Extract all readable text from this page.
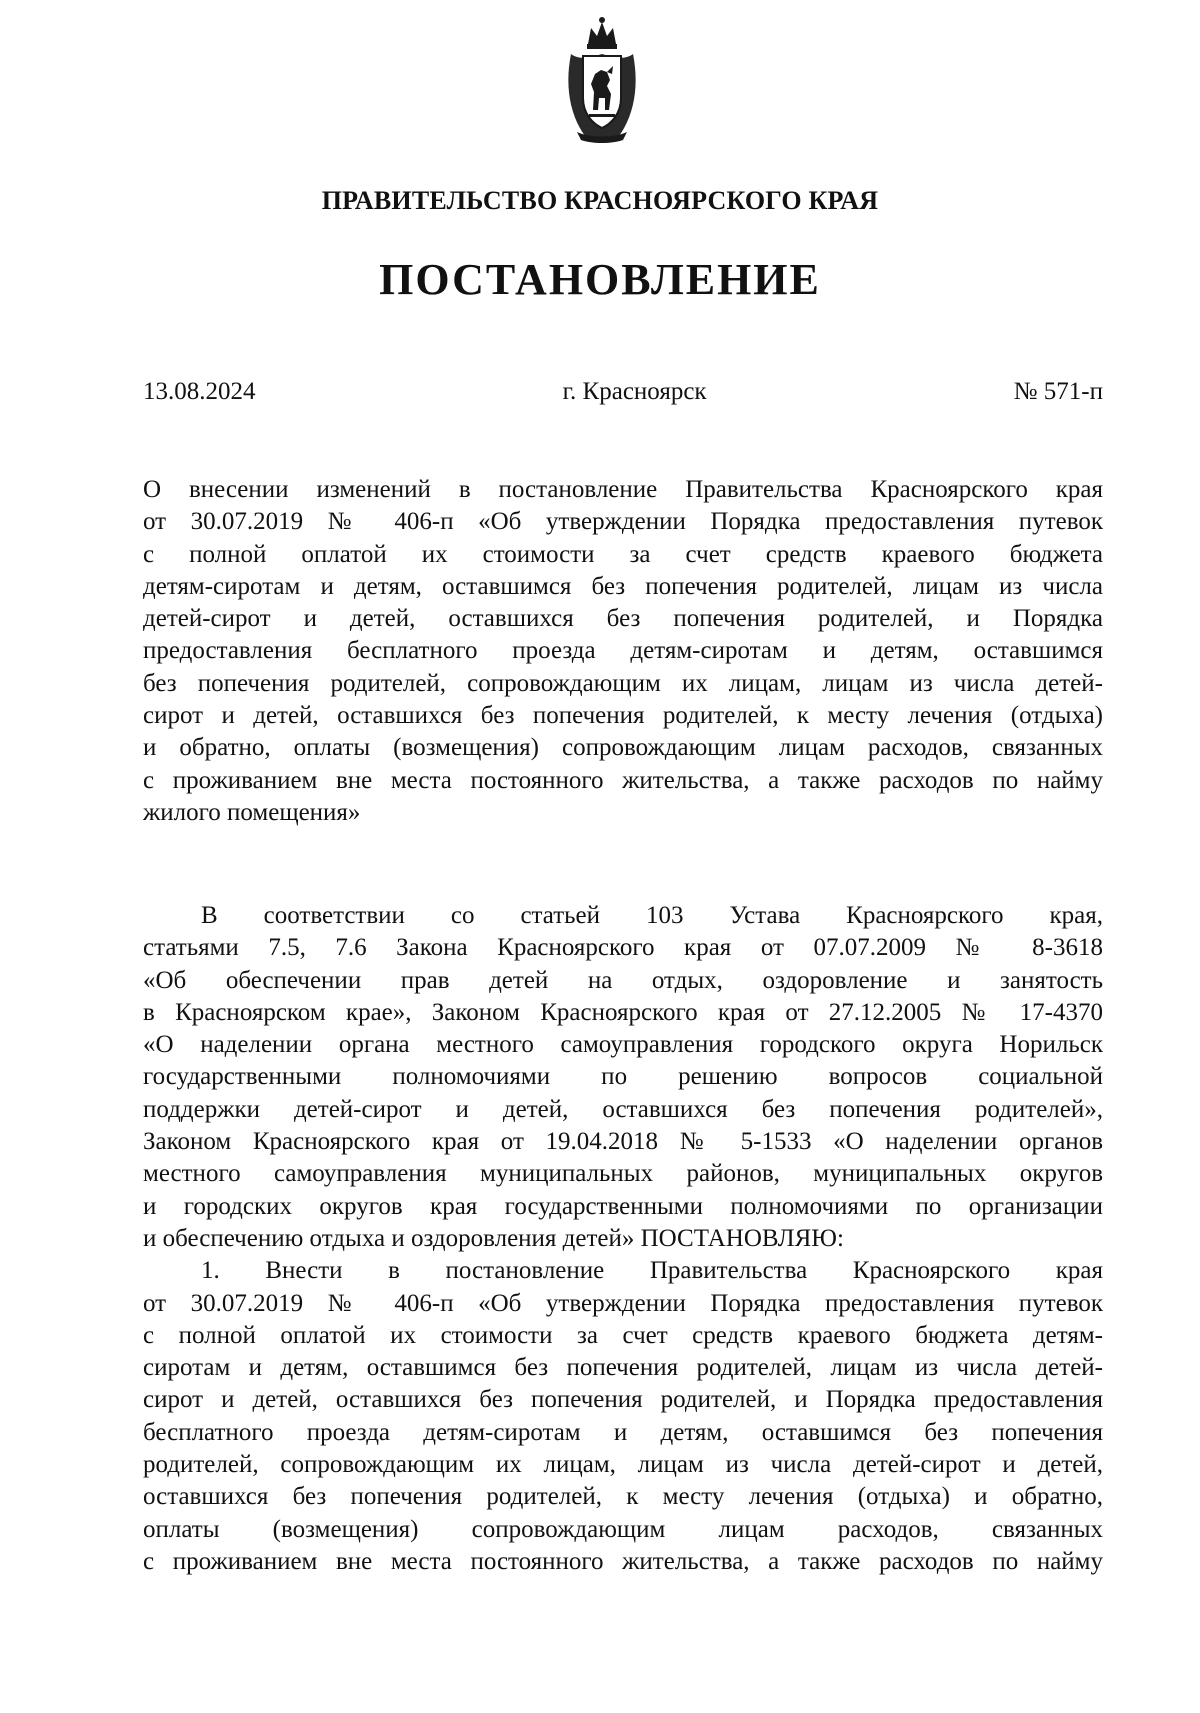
ПРАВИТЕЛЬСТВО КРАСНОЯРСКОГО КРАЯ
ПОСТАНОВЛЕНИЕ
13.08.2024	г. Красноярск	№ 571-п
О внесении изменений в постановление Правительства Красноярского края
от 30.07.2019 № 406-п «Об утверждении Порядка предоставления путевок
с полной оплатой их стоимости за счет средств краевого бюджета
детям-сиротам и детям, оставшимся без попечения родителей, лицам из числа
детей-сирот и детей, оставшихся без попечения родителей, и Порядка
предоставления бесплатного проезда детям-сиротам и детям, оставшимся
без попечения родителей, сопровождающим их лицам, лицам из числа детей-
сирот и детей, оставшихся без попечения родителей, к месту лечения (отдыха)
и обратно, оплаты (возмещения) сопровождающим лицам расходов, связанных
с проживанием вне места постоянного жительства, а также расходов по найму
жилого помещения»
В соответствии со статьей 103 Устава Красноярского края,
статьями 7.5, 7.6 Закона Красноярского края от 07.07.2009 № 8-3618
«Об обеспечении прав детей на отдых, оздоровление и занятость
в Красноярском крае», Законом Красноярского края от 27.12.2005 № 17-4370
«О наделении органа местного самоуправления городского округа Норильск
государственными полномочиями по решению вопросов социальной
поддержки детей-сирот и детей, оставшихся без попечения родителей»,
Законом Красноярского края от 19.04.2018 № 5-1533 «О наделении органов
местного самоуправления муниципальных районов, муниципальных округов
и городских округов края государственными полномочиями по организации
и обеспечению отдыха и оздоровления детей» ПОСТАНОВЛЯЮ:
1. Внести в постановление Правительства Красноярского края
от 30.07.2019 № 406-п «Об утверждении Порядка предоставления путевок
с полной оплатой их стоимости за счет средств краевого бюджета детям-
сиротам и детям, оставшимся без попечения родителей, лицам из числа детей-
сирот и детей, оставшихся без попечения родителей, и Порядка предоставления
бесплатного проезда детям-сиротам и детям, оставшимся без попечения
родителей, сопровождающим их лицам, лицам из числа детей-сирот и детей,
оставшихся без попечения родителей, к месту лечения (отдыха) и обратно,
оплаты (возмещения) сопровождающим лицам расходов, связанных
с проживанием вне места постоянного жительства, а также расходов по найму
